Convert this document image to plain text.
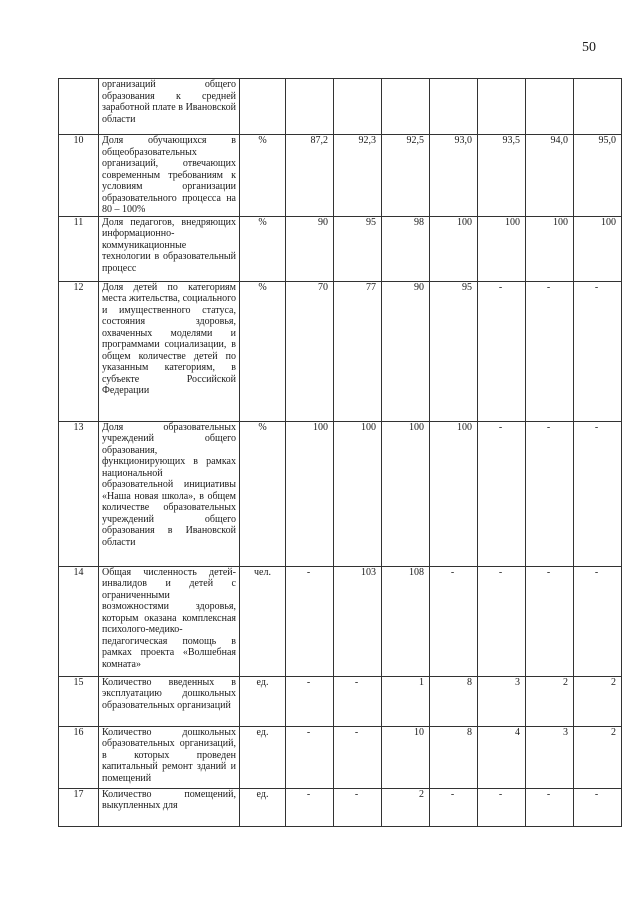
50
	организаций общего образования к средней заработной плате в Ивановской области								
10	Доля обучающихся в общеобразовательных организаций, отвечающих современным требованиям к условиям организации образовательного процесса на 80 – 100%	%	87,2	92,3	92,5	93,0	93,5	94,0	95,0
11	Доля педагогов, внедряющих информационно-коммуникационные технологии в образовательный процесс	%	90	95	98	100	100	100	100
12	Доля детей по категориям места жительства, социального и имущественного статуса, состояния здоровья, охваченных моделями и программами социализации, в общем количестве детей по указанным категориям, в субъекте Российской Федерации	%	70	77	90	95	-	-	-
13	Доля образовательных учреждений общего образования, функционирующих в рамках национальной образовательной инициативы «Наша новая школа», в общем количестве образовательных учреждений общего образования в Ивановской области	%	100	100	100	100	-	-	-
14	Общая численность детей-инвалидов и детей с ограниченными возможностями здоровья, которым оказана комплексная психолого-медико-педагогическая помощь в рамках проекта «Волшебная комната»	чел.	-	103	108	-	-	-	-
15	Количество введенных в эксплуатацию дошкольных образовательных организаций	ед.	-	-	1	8	3	2	2
16	Количество дошкольных образовательных организаций, в которых проведен капитальный ремонт зданий и помещений	ед.	-	-	10	8	4	3	2
17	Количество помещений, выкупленных для	ед.	-	-	2	-	-	-	-
